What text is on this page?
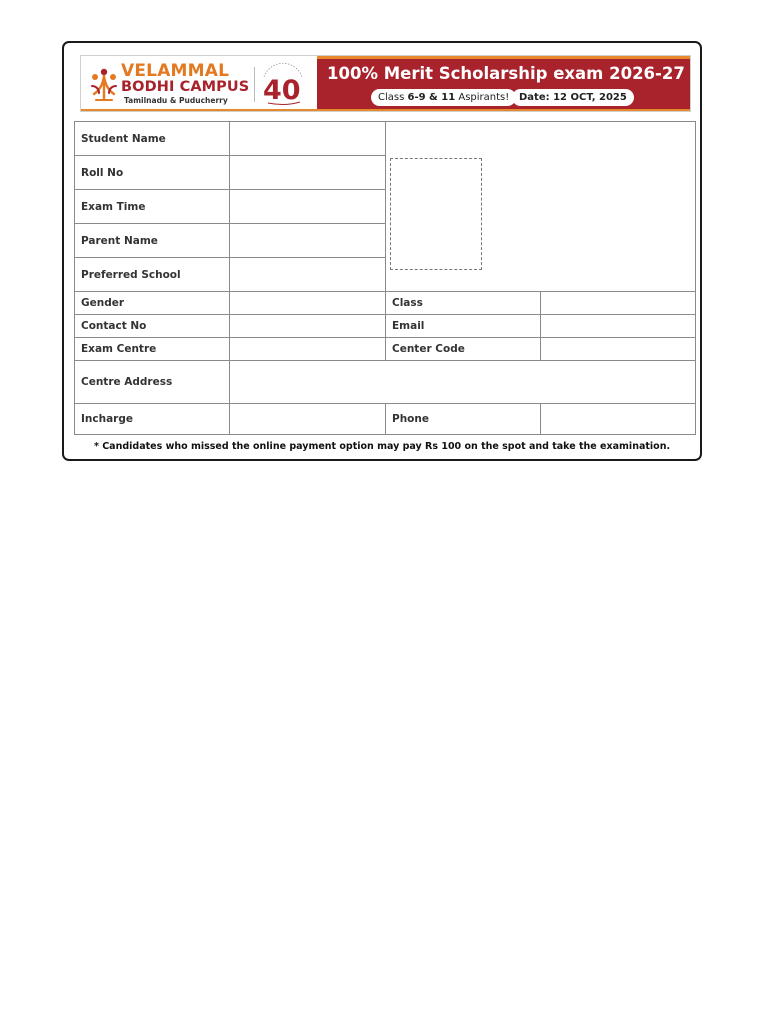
VELAMMAL
BODHI CAMPUS
Tamilnadu & Puducherry 40
100% Merit Scholarship exam 2026-27
Class 6-9 & 11 Aspirants! Date: 12 OCT, 2025
Student Name			

Roll No			
Exam Time			
Parent Name			
Preferred School			
Gender		Class	
Contact No		Email	
Exam Centre		Center Code	
Centre Address			
Incharge		Phone	
* Candidates who missed the online payment option may pay Rs 100 on the spot and take the examination.
